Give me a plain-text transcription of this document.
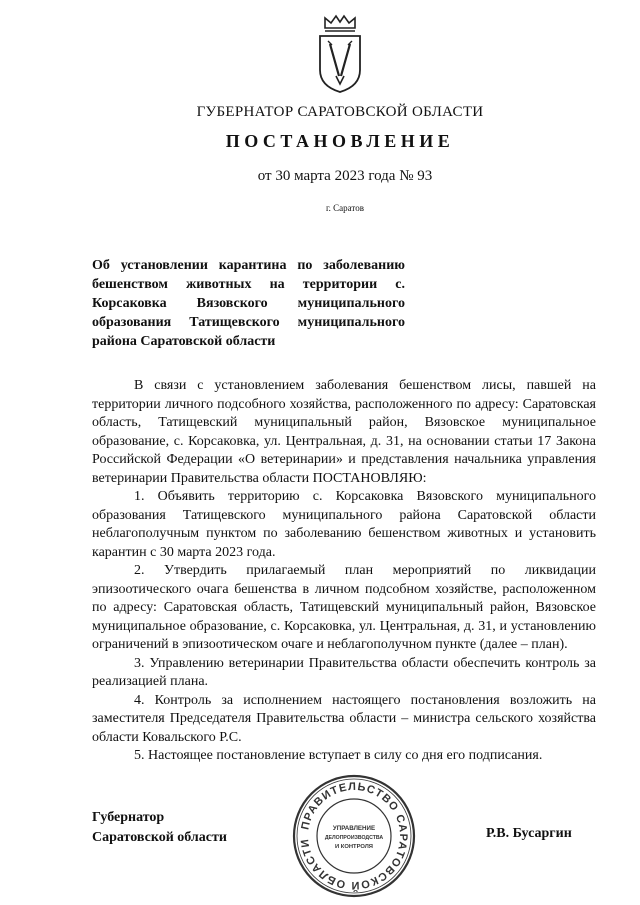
ГУБЕРНАТОР САРАТОВСКОЙ ОБЛАСТИ
ПОСТАНОВЛЕНИЕ
от 30 марта 2023 года № 93
г. Саратов
Об установлении карантина по заболеванию бешенством животных на территории с. Корсаковка Вязовского муниципального образования Татищевского муниципального района Саратовской области

В связи с установлением заболевания бешенством лисы, павшей на территории личного подсобного хозяйства, расположенного по адресу: Саратовская область, Татищевский муниципальный район, Вязовское муниципальное образование, с. Корсаковка, ул. Центральная, д. 31, на основании статьи 17 Закона Российской Федерации «О ветеринарии» и представления начальника управления ветеринарии Правительства области ПОСТАНОВЛЯЮ:

1. Объявить территорию с. Корсаковка Вязовского муниципального образования Татищевского муниципального района Саратовской области неблагополучным пунктом по заболеванию бешенством животных и установить карантин с 30 марта 2023 года.

2. Утвердить прилагаемый план мероприятий по ликвидации эпизоотического очага бешенства в личном подсобном хозяйстве, расположенном по адресу: Саратовская область, Татищевский муниципальный район, Вязовское муниципальное образование, с. Корсаковка, ул. Центральная, д. 31, и установлению ограничений в эпизоотическом очаге и неблагополучном пункте (далее – план).

3. Управлению ветеринарии Правительства области обеспечить контроль за реализацией плана.

4. Контроль за исполнением настоящего постановления возложить на заместителя Председателя Правительства области – министра сельского хозяйства области Ковальского Р.С.

5. Настоящее постановление вступает в силу со дня его подписания.

Губернатор
Саратовской области	Р.В. Бусаргин
ПРАВИТЕЛЬСТВО САРАТОВСКОЙ ОБЛАСТИ
УПРАВЛЕНИЕ
ДЕЛОПРОИЗВОДСТВА
И КОНТРОЛЯ
